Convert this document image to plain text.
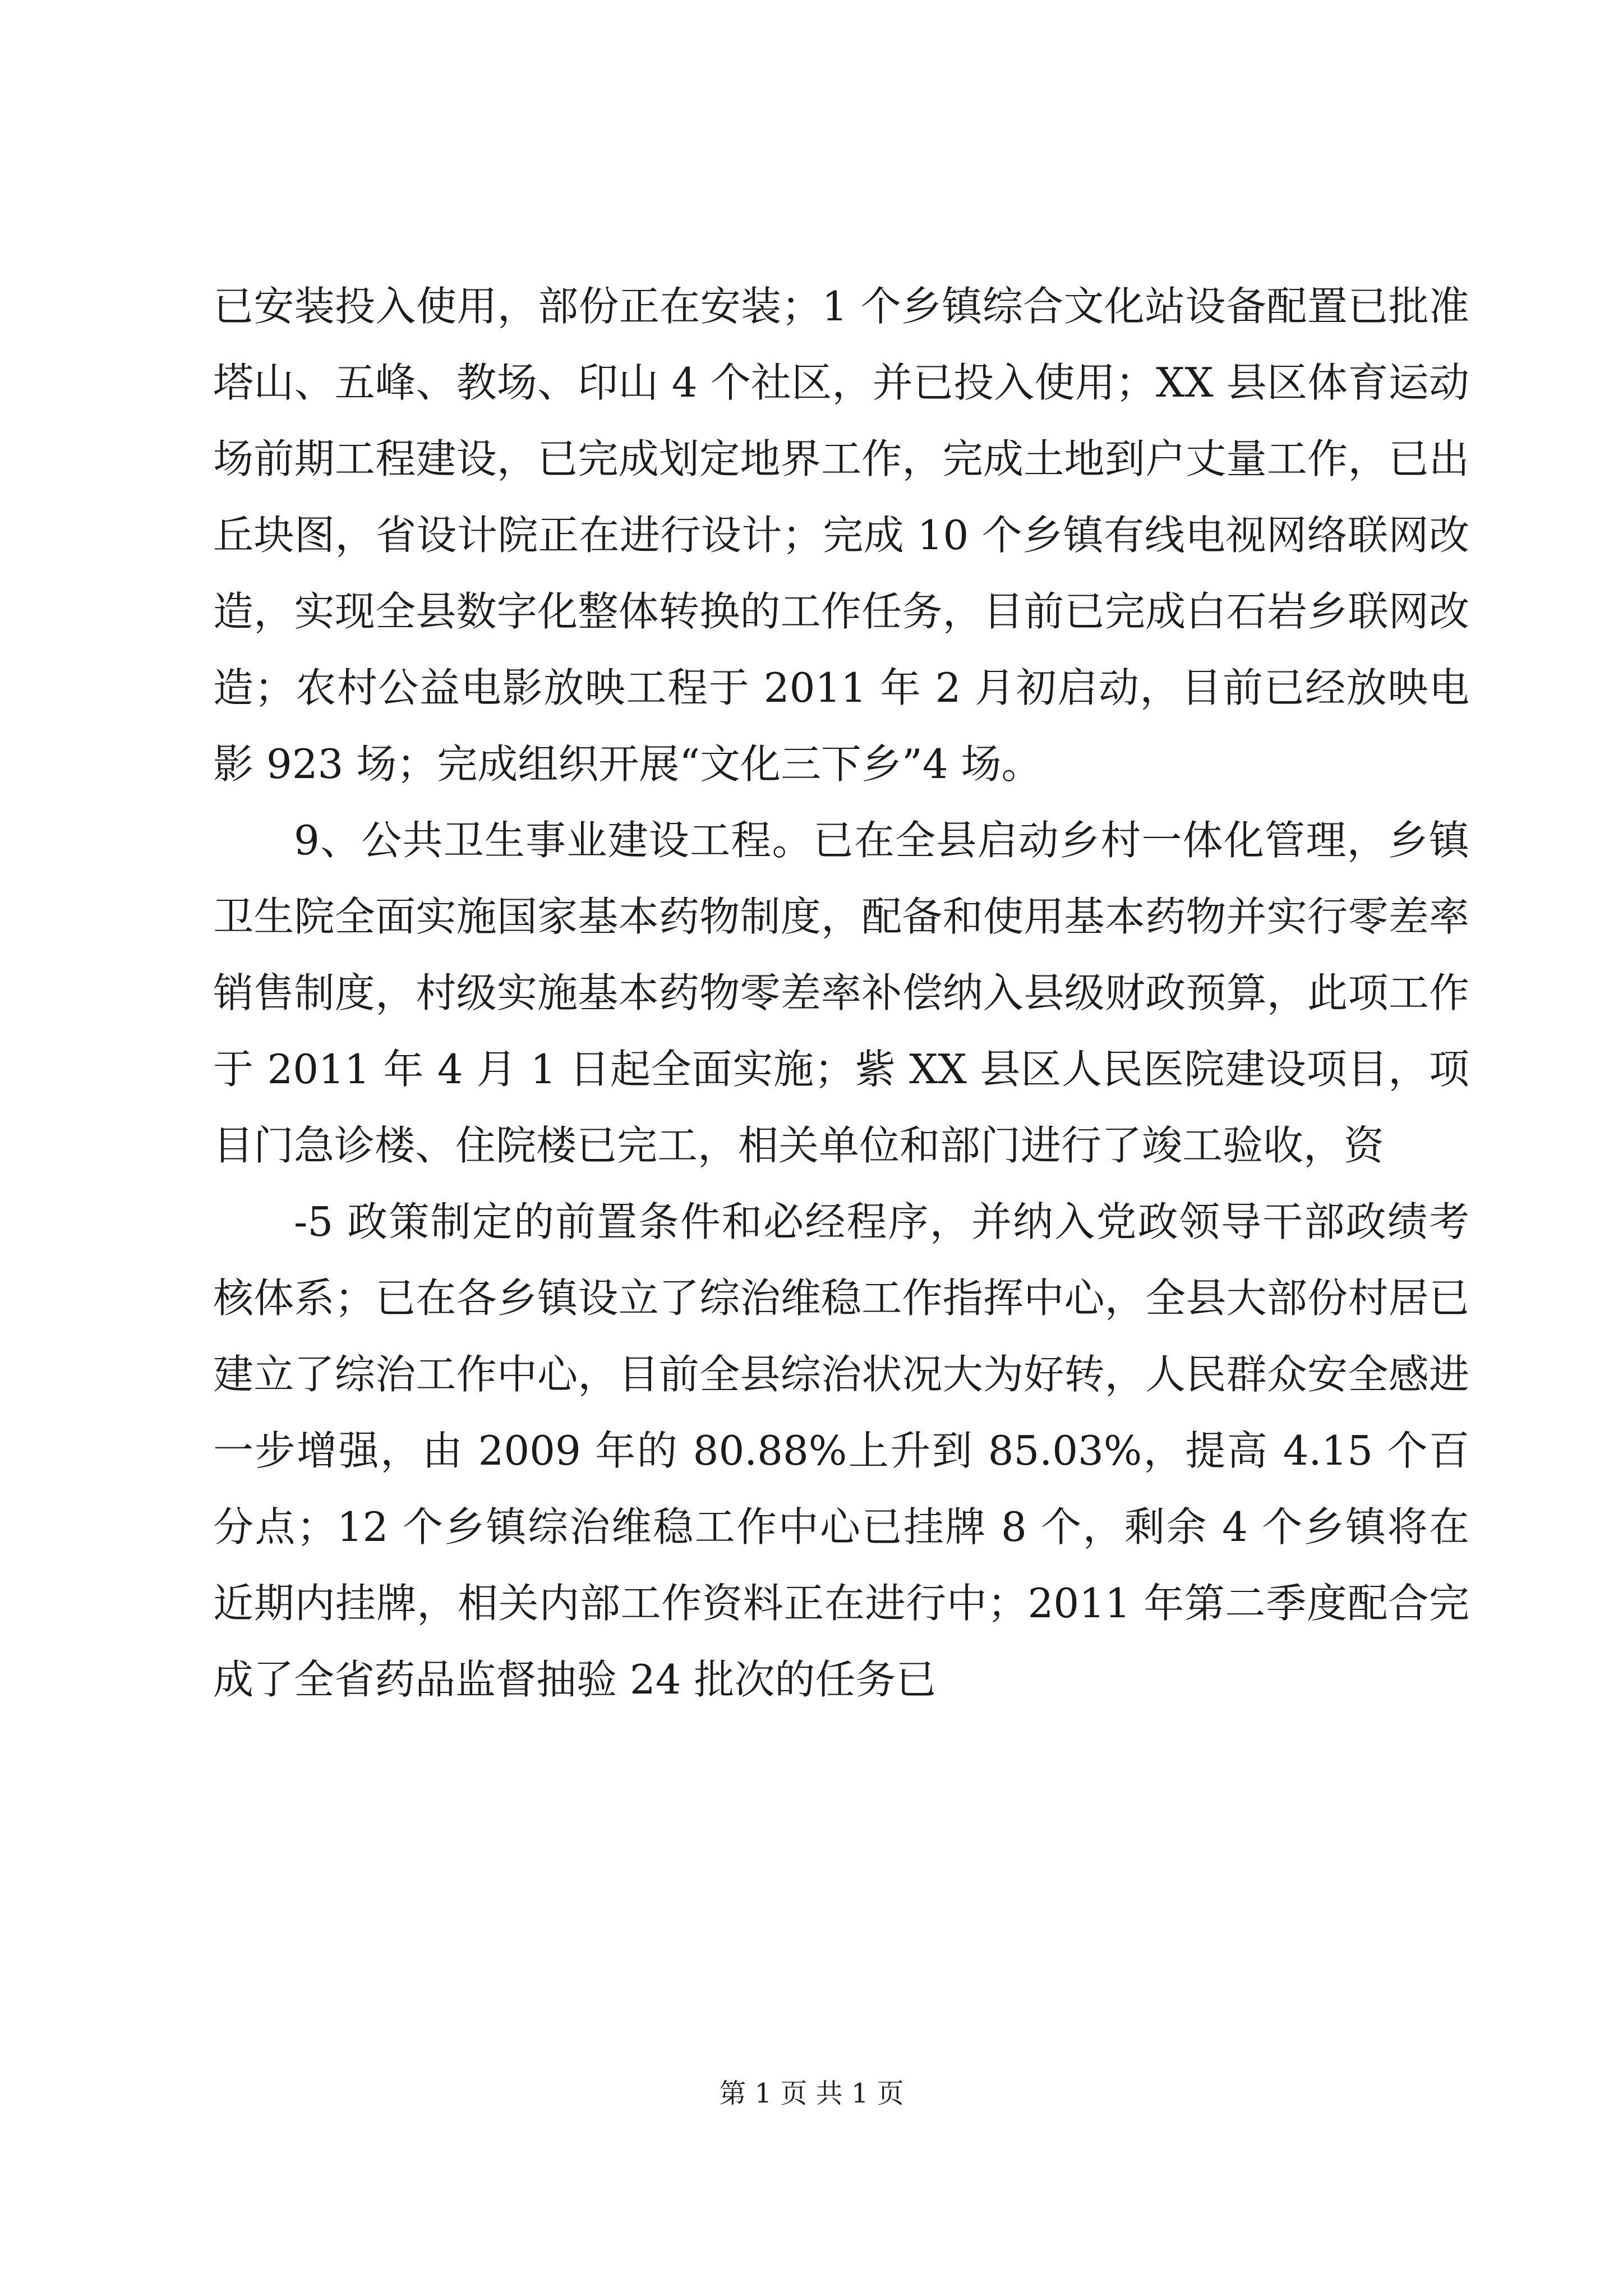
已安装投入使用，部份正在安装；1 个乡镇综合文化站设备配置已批准塔山、五峰、教场、印山 4 个社区，并已投入使用；XX 县区体育运动场前期工程建设，已完成划定地界工作，完成土地到户丈量工作，已出丘块图，省设计院正在进行设计；完成 10 个乡镇有线电视网络联网改造，实现全县数字化整体转换的工作任务，目前已完成白石岩乡联网改造；农村公益电影放映工程于 2011 年 2 月初启动，目前已经放映电影 923 场；完成组织开展“文化三下乡”4 场。

9、公共卫生事业建设工程。已在全县启动乡村一体化管理，乡镇卫生院全面实施国家基本药物制度，配备和使用基本药物并实行零差率销售制度，村级实施基本药物零差率补偿纳入县级财政预算，此项工作于 2011 年 4 月 1 日起全面实施；紫 XX 县区人民医院建设项目，项目门急诊楼、住院楼已完工，相关单位和部门进行了竣工验收，资

-5 政策制定的前置条件和必经程序，并纳入党政领导干部政绩考核体系；已在各乡镇设立了综治维稳工作指挥中心，全县大部份村居已建立了综治工作中心，目前全县综治状况大为好转，人民群众安全感进一步增强，由 2009 年的 80.88%上升到 85.03%，提高 4.15 个百分点；12 个乡镇综治维稳工作中心已挂牌 8 个，剩余 4 个乡镇将在近期内挂牌，相关内部工作资料正在进行中；2011 年第二季度配合完成了全省药品监督抽验 24 批次的任务已

第 1 页 共 1 页
